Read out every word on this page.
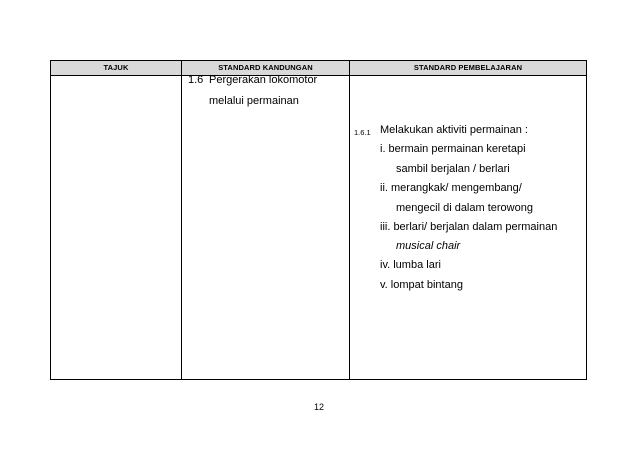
TAJUK	STANDARD KANDUNGAN	STANDARD PEMBELAJARAN
1.6 Pergerakan lokomotor
melalui permainan
1.6.1 Melakukan aktiviti permainan :
i. bermain permainan keretapi
sambil berjalan / berlari
ii. merangkak/ mengembang/
mengecil di dalam terowong
iii. berlari/ berjalan dalam permainan
musical chair
iv. lumba lari
v. lompat bintang
12
